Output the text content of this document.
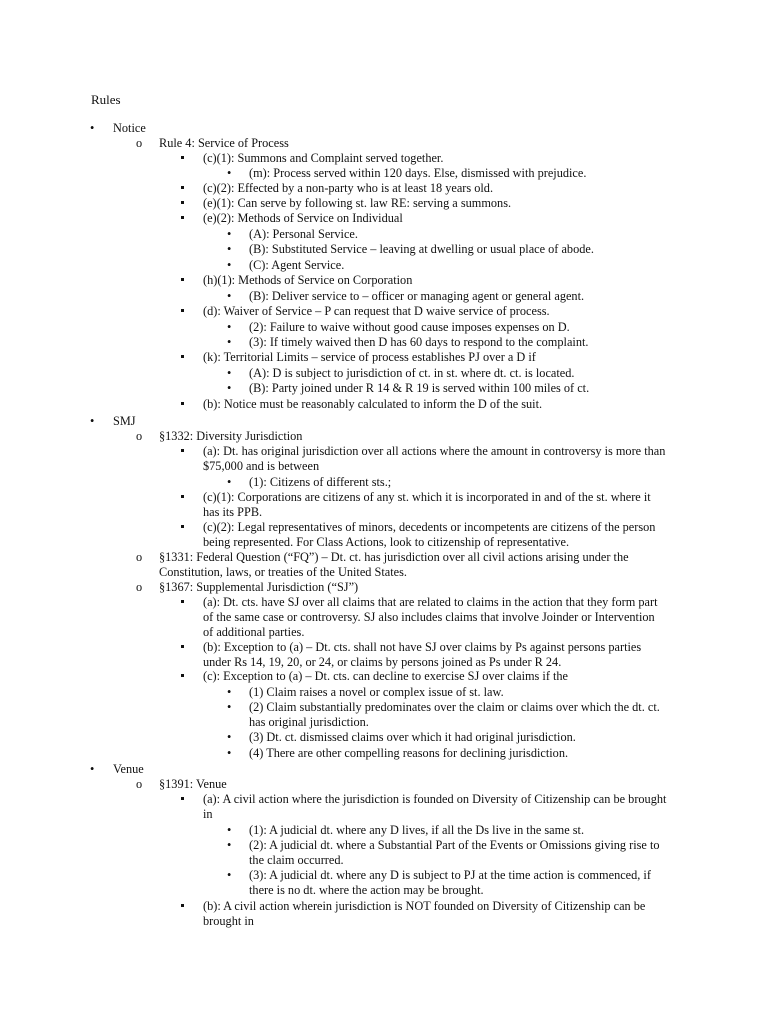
Rules
• Notice
o Rule 4: Service of Process
(c)(1): Summons and Complaint served together.
• (m): Process served within 120 days. Else, dismissed with prejudice.
(c)(2): Effected by a non-party who is at least 18 years old.
(e)(1): Can serve by following st. law RE: serving a summons.
(e)(2): Methods of Service on Individual
• (A): Personal Service.
• (B): Substituted Service – leaving at dwelling or usual place of abode.
• (C): Agent Service.
(h)(1): Methods of Service on Corporation
• (B): Deliver service to – officer or managing agent or general agent.
(d): Waiver of Service – P can request that D waive service of process.
• (2): Failure to waive without good cause imposes expenses on D.
• (3): If timely waived then D has 60 days to respond to the complaint.
(k): Territorial Limits – service of process establishes PJ over a D if
• (A): D is subject to jurisdiction of ct. in st. where dt. ct. is located.
• (B): Party joined under R 14 & R 19 is served within 100 miles of ct.
(b): Notice must be reasonably calculated to inform the D of the suit.
• SMJ
o §1332: Diversity Jurisdiction
(a): Dt. has original jurisdiction over all actions where the amount in controversy is more than
$75,000 and is between
• (1): Citizens of different sts.;
(c)(1): Corporations are citizens of any st. which it is incorporated in and of the st. where it
has its PPB.
(c)(2): Legal representatives of minors, decedents or incompetents are citizens of the person
being represented. For Class Actions, look to citizenship of representative.
o §1331: Federal Question (“FQ”) – Dt. ct. has jurisdiction over all civil actions arising under the
Constitution, laws, or treaties of the United States.
o §1367: Supplemental Jurisdiction (“SJ”)
(a): Dt. cts. have SJ over all claims that are related to claims in the action that they form part
of the same case or controversy. SJ also includes claims that involve Joinder or Intervention
of additional parties.
(b): Exception to (a) – Dt. cts. shall not have SJ over claims by Ps against persons parties
under Rs 14, 19, 20, or 24, or claims by persons joined as Ps under R 24.
(c): Exception to (a) – Dt. cts. can decline to exercise SJ over claims if the
• (1) Claim raises a novel or complex issue of st. law.
• (2) Claim substantially predominates over the claim or claims over which the dt. ct.
has original jurisdiction.
• (3) Dt. ct. dismissed claims over which it had original jurisdiction.
• (4) There are other compelling reasons for declining jurisdiction.
• Venue
o §1391: Venue
(a): A civil action where the jurisdiction is founded on Diversity of Citizenship can be brought
in
• (1): A judicial dt. where any D lives, if all the Ds live in the same st.
• (2): A judicial dt. where a Substantial Part of the Events or Omissions giving rise to
the claim occurred.
• (3): A judicial dt. where any D is subject to PJ at the time action is commenced, if
there is no dt. where the action may be brought.
(b): A civil action wherein jurisdiction is NOT founded on Diversity of Citizenship can be
brought in
